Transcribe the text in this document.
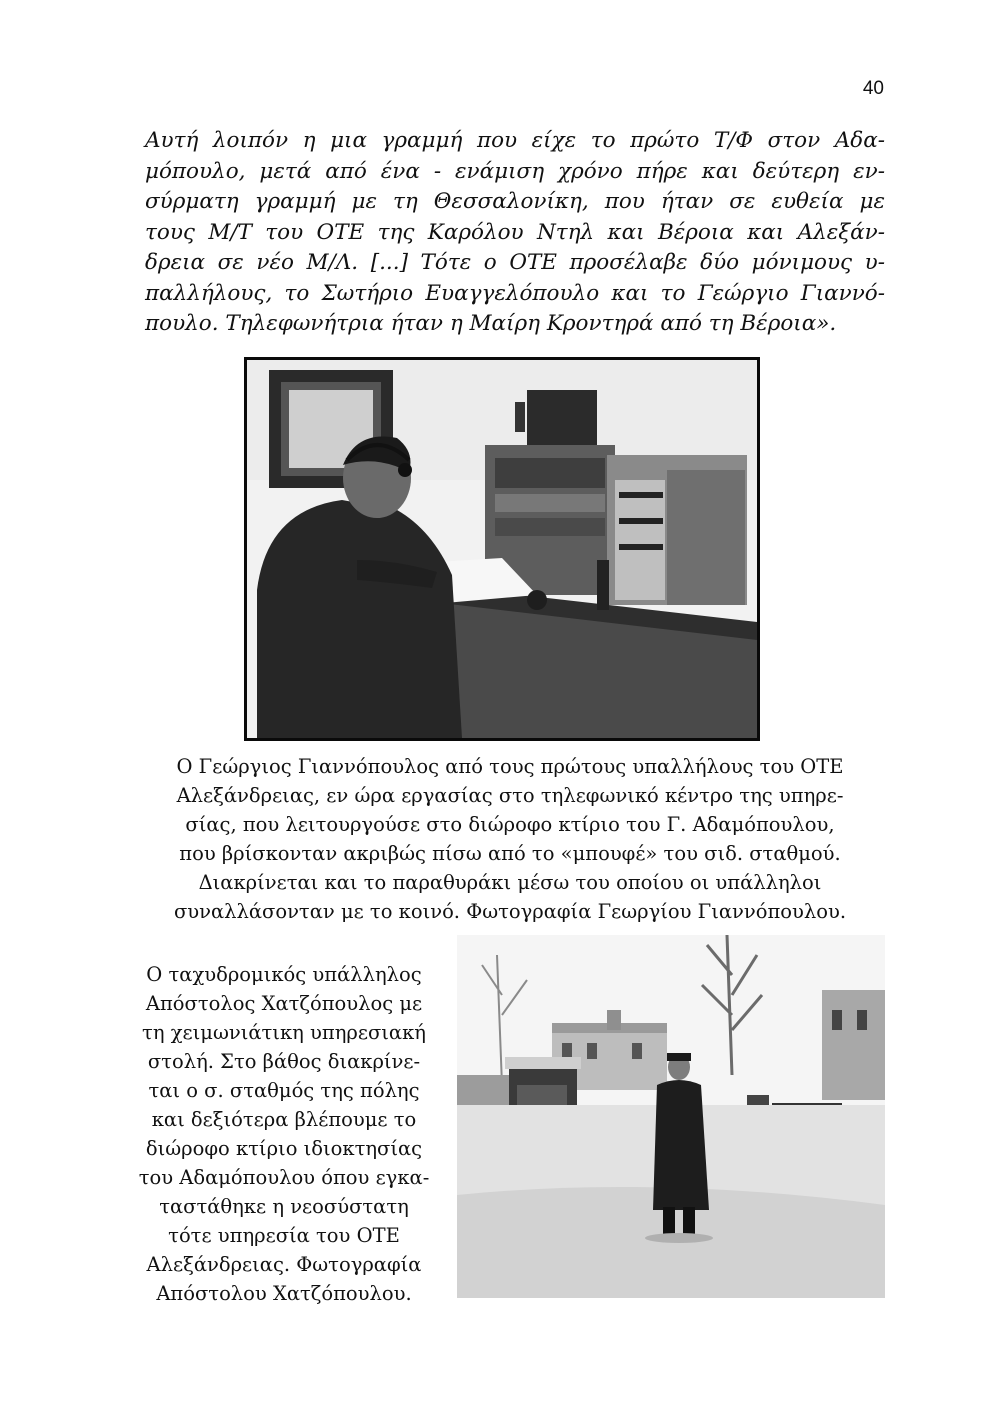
40

Αυτή λοιπόν η μια γραμμή που είχε το πρώτο Τ/Φ στον Αδα-
μόπουλο, μετά από ένα - ενάμιση χρόνο πήρε και δεύτερη εν-
σύρματη γραμμή με τη Θεσσαλονίκη, που ήταν σε ευθεία με
τους Μ/Τ του ΟΤΕ της Καρόλου Ντηλ και Βέροια και Αλεξάν-
δρεια σε νέο Μ/Λ. [...] Τότε ο ΟΤΕ προσέλαβε δύο μόνιμους υ-
παλλήλους, το Σωτήριο Ευαγγελόπουλο και το Γεώργιο Γιαννό-
πουλο. Τηλεφωνήτρια ήταν η Μαίρη Κροντηρά από τη Βέροια».

Ο Γεώργιος Γιαννόπουλος από τους πρώτους υπαλλήλους του ΟΤΕ
Αλεξάνδρειας, εν ώρα εργασίας στο τηλεφωνικό κέντρο της υπηρε-
σίας, που λειτουργούσε στο διώροφο κτίριο του Γ. Αδαμόπουλου,
που βρίσκονταν ακριβώς πίσω από το «μπουφέ» του σιδ. σταθμού.
Διακρίνεται και το παραθυράκι μέσω του οποίου οι υπάλληλοι
συναλλάσονταν με το κοινό. Φωτογραφία Γεωργίου Γιαννόπουλου.

Ο ταχυδρομικός υπάλληλος
Απόστολος Χατζόπουλος με
τη χειμωνιάτικη υπηρεσιακή
στολή. Στο βάθος διακρίνε-
ται ο σ. σταθμός της πόλης
και δεξιότερα βλέπουμε το
διώροφο κτίριο ιδιοκτησίας
του Αδαμόπουλου όπου εγκα-
ταστάθηκε η νεοσύστατη
τότε υπηρεσία του ΟΤΕ
Αλεξάνδρειας. Φωτογραφία
Απόστολου Χατζόπουλου.
